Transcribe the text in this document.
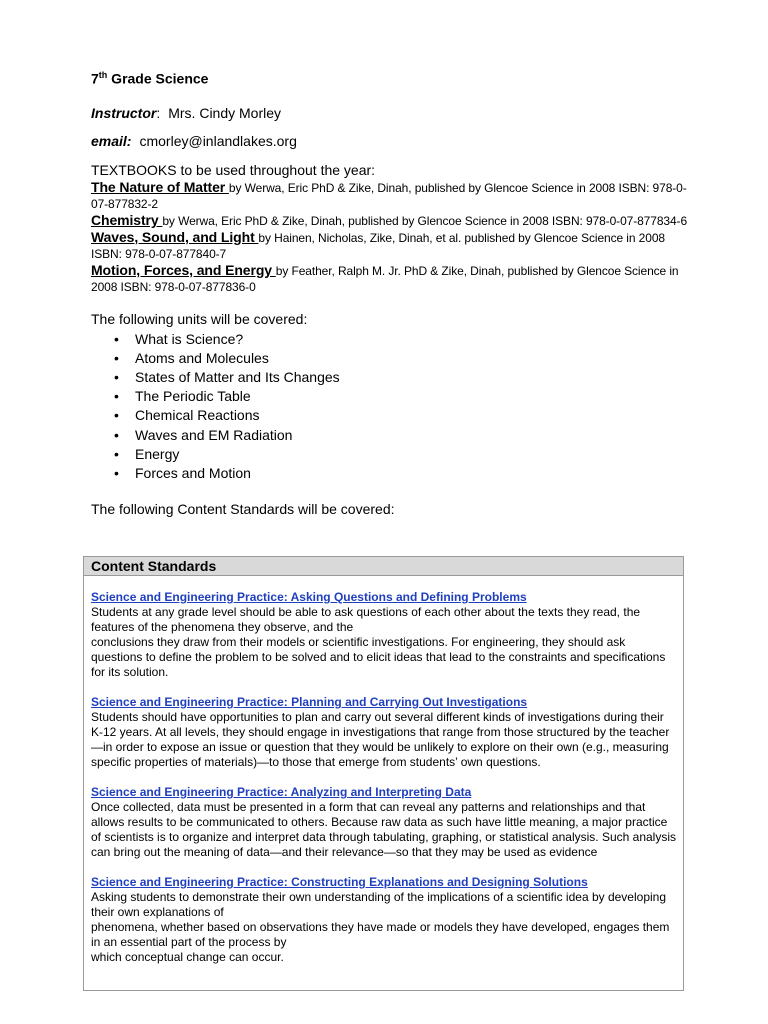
7th Grade Science

Instructor: Mrs. Cindy Morley
email: cmorley@inlandlakes.org
TEXTBOOKS to be used throughout the year:
The Nature of Matter by Werwa, Eric PhD & Zike, Dinah, published by Glencoe Science in 2008 ISBN: 978-0-07-877832-2
Chemistry by Werwa, Eric PhD & Zike, Dinah, published by Glencoe Science in 2008 ISBN: 978-0-07-877834-6
Waves, Sound, and Light by Hainen, Nicholas, Zike, Dinah, et al. published by Glencoe Science in 2008 ISBN: 978-0-07-877840-7
Motion, Forces, and Energy by Feather, Ralph M. Jr. PhD & Zike, Dinah, published by Glencoe Science in 2008 ISBN: 978-0-07-877836-0
The following units will be covered:
• What is Science?
• Atoms and Molecules
• States of Matter and Its Changes
• The Periodic Table
• Chemical Reactions
• Waves and EM Radiation
• Energy
• Forces and Motion
The following Content Standards will be covered:
Content Standards
Science and Engineering Practice: Asking Questions and Defining Problems
Students at any grade level should be able to ask questions of each other about the texts they read, the features of the phenomena they observe, and the
conclusions they draw from their models or scientific investigations. For engineering, they should ask questions to define the problem to be solved and to elicit ideas that lead to the constraints and specifications for its solution.
Science and Engineering Practice: Planning and Carrying Out Investigations
Students should have opportunities to plan and carry out several different kinds of investigations during their K-12 years. At all levels, they should engage in investigations that range from those structured by the teacher—in order to expose an issue or question that they would be unlikely to explore on their own (e.g., measuring specific properties of materials)—to those that emerge from students’ own questions.
Science and Engineering Practice: Analyzing and Interpreting Data
Once collected, data must be presented in a form that can reveal any patterns and relationships and that allows results to be communicated to others. Because raw data as such have little meaning, a major practice of scientists is to organize and interpret data through tabulating, graphing, or statistical analysis. Such analysis can bring out the meaning of data—and their relevance—so that they may be used as evidence
Science and Engineering Practice: Constructing Explanations and Designing Solutions
Asking students to demonstrate their own understanding of the implications of a scientific idea by developing their own explanations of
phenomena, whether based on observations they have made or models they have developed, engages them in an essential part of the process by
which conceptual change can occur.
